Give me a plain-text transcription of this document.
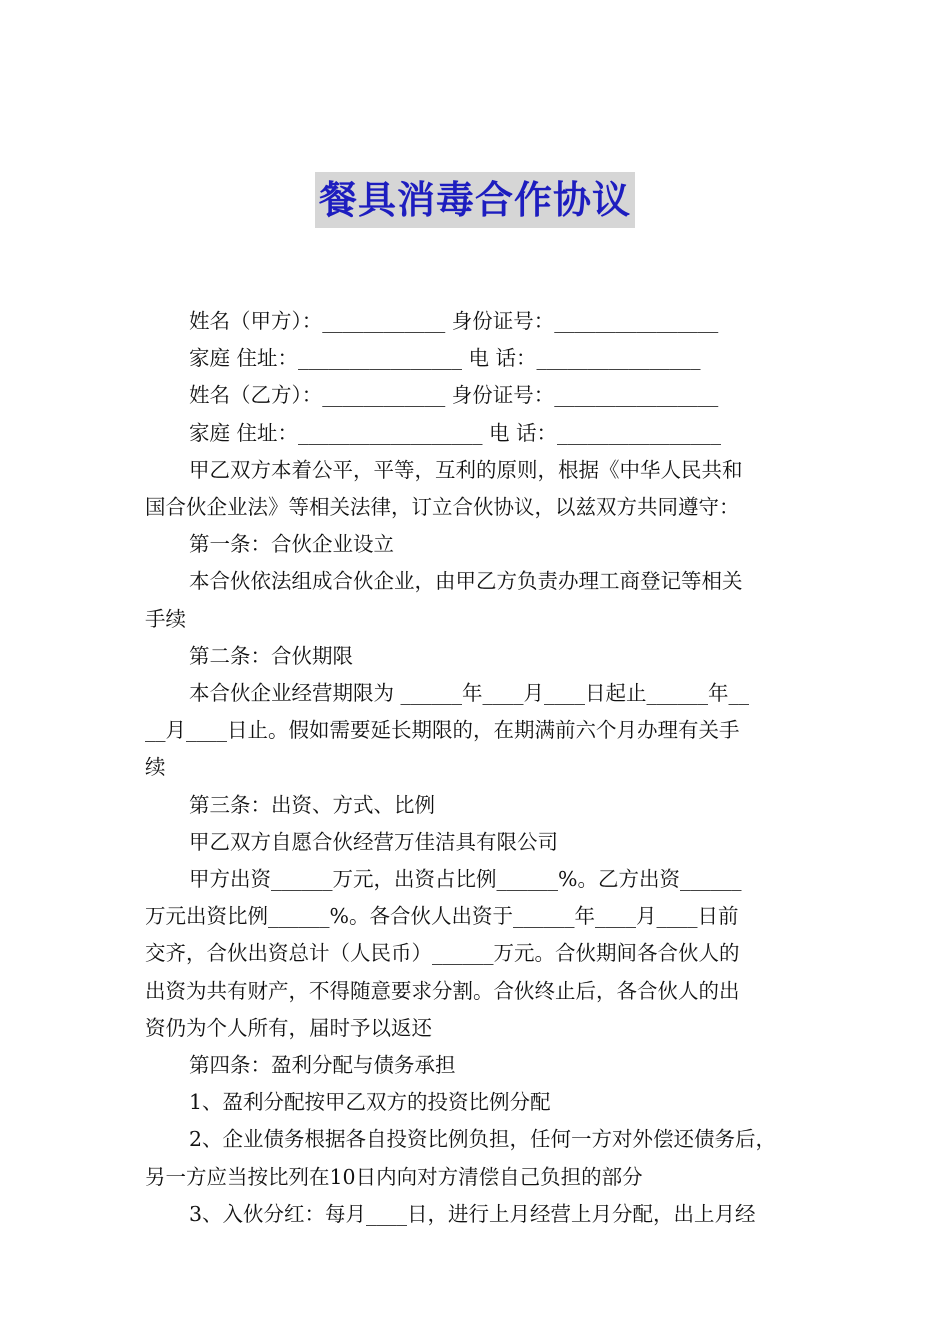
餐具消毒合作协议
姓名（甲方）：____________ 身份证号：________________
家庭 住址：________________ 电 话：________________
姓名（乙方）：____________ 身份证号：________________
家庭 住址：__________________ 电 话：________________
甲乙双方本着公平，平等，互利的原则，根据《中华人民共和
国合伙企业法》等相关法律，订立合伙协议，以兹双方共同遵守：
第一条：合伙企业设立
本合伙依法组成合伙企业，由甲乙方负责办理工商登记等相关
手续
第二条：合伙期限
本合伙企业经营期限为 ______年____月____日起止______年__
__月____日止。假如需要延长期限的，在期满前六个月办理有关手
续
第三条：出资、方式、比例
甲乙双方自愿合伙经营万佳洁具有限公司
甲方出资______万元，出资占比例______%。乙方出资______
万元出资比例______%。各合伙人出资于______年____月____日前
交齐，合伙出资总计（人民币）______万元。合伙期间各合伙人的
出资为共有财产，不得随意要求分割。合伙终止后，各合伙人的出
资仍为个人所有，届时予以返还
第四条：盈利分配与债务承担
1、盈利分配按甲乙双方的投资比例分配
2、企业债务根据各自投资比例负担，任何一方对外偿还债务后，
另一方应当按比列在10日内向对方清偿自己负担的部分
3、入伙分红：每月____日，进行上月经营上月分配，出上月经
